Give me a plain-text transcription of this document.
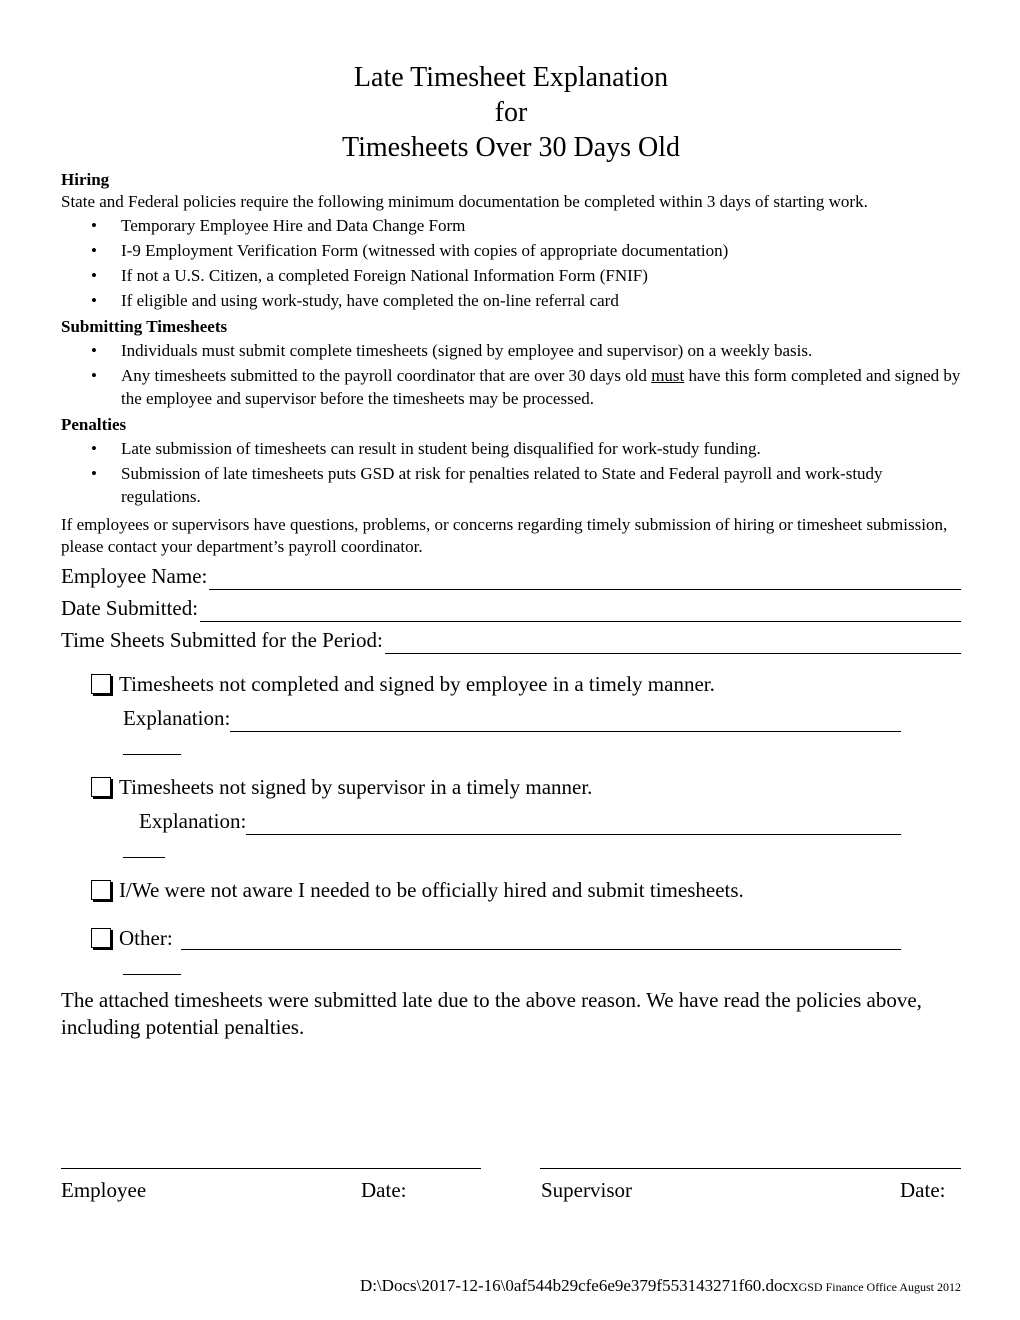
Late Timesheet Explanation
for
Timesheets Over 30 Days Old
Hiring
State and Federal policies require the following minimum documentation be completed within 3 days of starting work.
• Temporary Employee Hire and Data Change Form
• I-9 Employment Verification Form (witnessed with copies of appropriate documentation)
• If not a U.S. Citizen, a completed Foreign National Information Form (FNIF)
• If eligible and using work-study, have completed the on-line referral card
Submitting Timesheets
• Individuals must submit complete timesheets (signed by employee and supervisor) on a weekly basis.
• Any timesheets submitted to the payroll coordinator that are over 30 days old must have this form completed and signed by the employee and supervisor before the timesheets may be processed.
Penalties
• Late submission of timesheets can result in student being disqualified for work-study funding.
• Submission of late timesheets puts GSD at risk for penalties related to State and Federal payroll and work-study regulations.
If employees or supervisors have questions, problems, or concerns regarding timely submission of hiring or timesheet submission, please contact your department’s payroll coordinator.
Employee Name:
Date Submitted:
Time Sheets Submitted for the Period:
Timesheets not completed and signed by employee in a timely manner.
Explanation:
Timesheets not signed by supervisor in a timely manner.
Explanation:
I/We were not aware I needed to be officially hired and submit timesheets.
Other:
The attached timesheets were submitted late due to the above reason. We have read the policies above, including potential penalties.
Employee	Date:	Supervisor	Date:
D:\Docs\2017-12-16\0af544b29cfe6e9e379f553143271f60.docxGSD Finance Office August 2012
